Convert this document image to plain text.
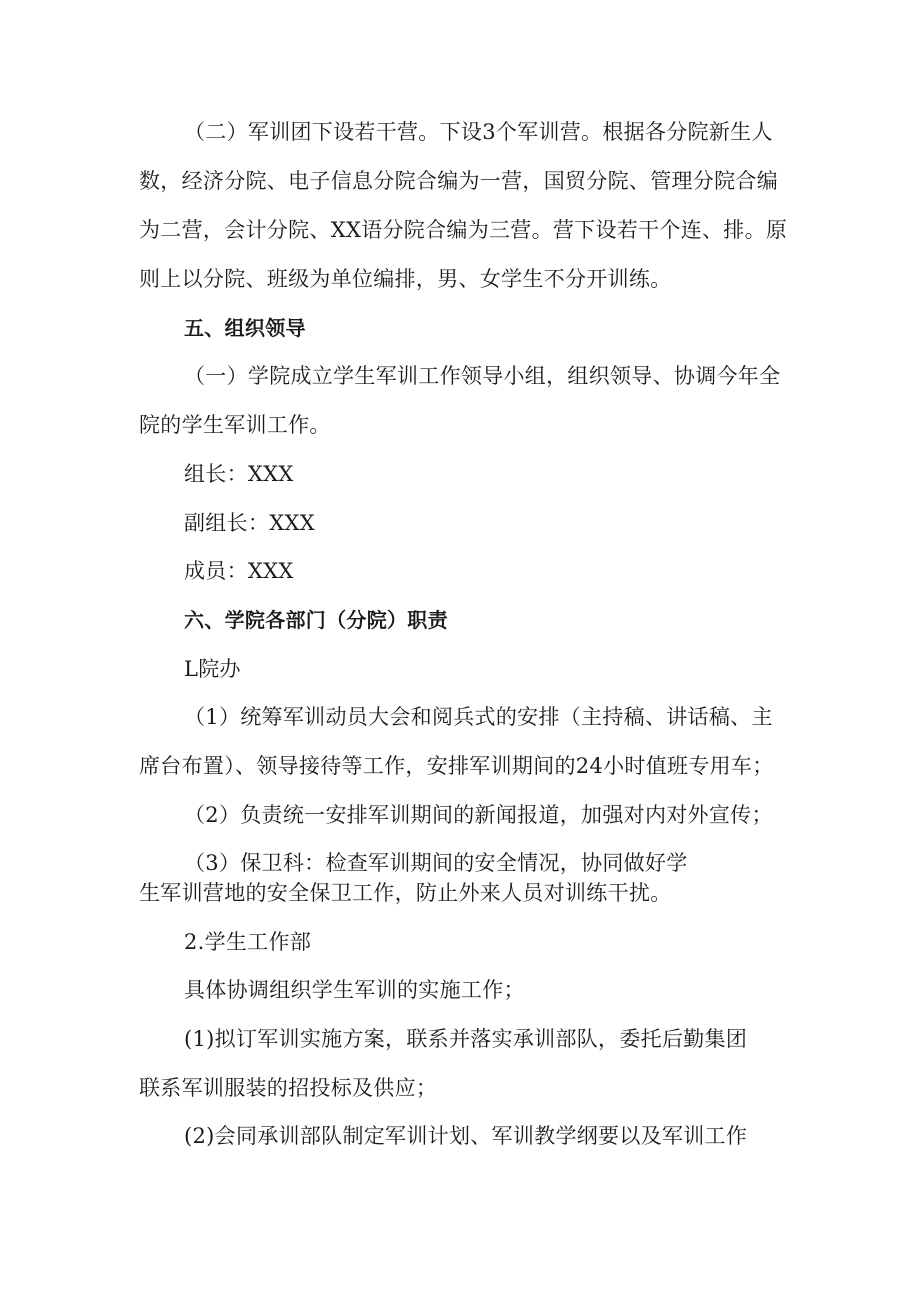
（二）军训团下设若干营。下设3个军训营。根据各分院新生人
数，经济分院、电子信息分院合编为一营，国贸分院、管理分院合编
为二营，会计分院、XX语分院合编为三营。营下设若干个连、排。原
则上以分院、班级为单位编排，男、女学生不分开训练。
五、组织领导
（一）学院成立学生军训工作领导小组，组织领导、协调今年全
院的学生军训工作。
组长：XXX
副组长：XXX
成员：XXX
六、学院各部门（分院）职责
L院办
（1）统筹军训动员大会和阅兵式的安排（主持稿、讲话稿、主
席台布置）、领导接待等工作，安排军训期间的24小时值班专用车；
（2）负责统一安排军训期间的新闻报道，加强对内对外宣传；
（3）保卫科：检查军训期间的安全情况，协同做好学
生军训营地的安全保卫工作，防止外来人员对训练干扰。
2.学生工作部
具体协调组织学生军训的实施工作；
(1)拟订军训实施方案，联系并落实承训部队，委托后勤集团
联系军训服装的招投标及供应；
(2)会同承训部队制定军训计划、军训教学纲要以及军训工作
